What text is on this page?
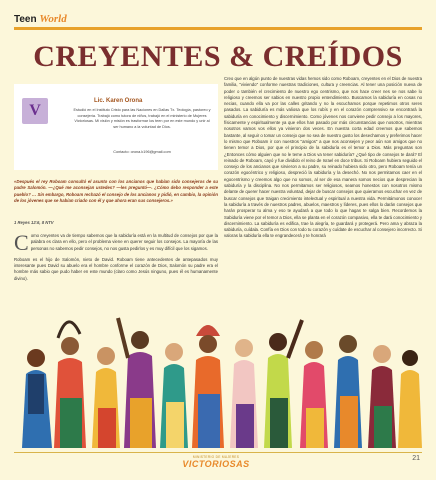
Teen World
CREYENTES & CREÍDOS
V
Lic. Karen Orona
Estudió en el Instituto Cristo para las Naciones en Dallas Tx. Teología, pastoreo y consejería. Trabajó como tutora de niños, trabajó en el ministerio de Mujeres Victoriosas. Mi visión y misión es trasformar los teen por en este mundo y unir al ser humano a la voluntad de Dios.
Contacto: orona.k196@gmail.com
«Después el rey Roboam consultó el asunto con los ancianos que habían sido consejeros de su padre Salomón. —¿Qué me aconsejan ustedes? —les preguntó—. ¿Cómo debo responder a este pueblo? … Sin embargo, Roboam rechazó el consejo de los ancianos y pidió, en cambio, la opinión de los jóvenes que se habían criado con él y que ahora eran sus consejeros.»
1 Reyes 12:6, 8 NTV

Como creyentes va de tiempo sabemos que la sabiduría está en la multitud de consejos por que la palabra es clara en ello, pero el problema viene en querer seguir los consejos. La mayoría de las personas no sabemos pedir consejos, no nos gusta pedirlos y es muy difícil que los sigamos.

Roboam es el hijo de Salomón, nieto de David. Roboam tiene antecedentes de antepasados muy interesante pues David su abuelo era el hombre conforme el corazón de Dios, Salomón su padre era el hombre más sabio que pudo haber en este mundo (claro como Jesús ninguno, pues él es humanamente divino).

Creo que en algún punto de nuestras vidas hemos sido como Roboam, creyentes en el Dios de nuestra familia, "viviendo" conforme nuestras tradiciones, cultura y creencias. Al tener una posición nueva de poder o también el crecimiento de nuestro ego centrismo, que nos hace creer nes se nos sabe lo religioso y creemos ser sabios en nuestro propio entendimiento. Buscamos la sabiduría en cosas no necias, cuando ella va por las calles gritando y no la escuchamos porque repetimos otros seres pasados. La sabiduría es más valiosa que los rubís y en el corazón comprensivo se encontrará la sabiduría en conocimiento y discernimiento. Como jóvenes nos conviene pedir consejo a los mayores, físicamente y espiritualmente ya que ellos han pasado por más circunstancias que nosotros, mientras nosotros vamos vos ellos ya vinieron dos veces. En nuestra corta edad creemos que sabemos bastante, al seguir o tomar un consejo que no sea de nuestro gusto los desechamos y preferimos hacer lo mismo que Roboam ir con nuestros "amigos" a que nos aconsejen y peor aún son amigos que no tienen temor a Dios, por que el principio de la sabiduría es el temor a Dios. Más preguntas son ¿Entonces cómo alguien que no le teme a Dios va tener sabiduría? ¿Qué tipo de consejos te dará? El reinado de Roboam, cayó y fue dividido el reino de Israel en doce tribus. Si Roboam hubiera seguido el consejo de los ancianos que sirvieron a su padre, su reinado hubiera sido otro, pero Roboam tenía un corazón egocéntrico y religioso, despreció la sabiduría y la desechó. No nos permitamos caer en el egocentrismo y creemos algo que no somos, al ser de esa manera somos necios que desprecian la sabiduría y la disciplina. No nos permitamos ser religiosos, seamos honestos con nosotros mismo delante de querer hacer nuestra voluntad, dejar de buscar consejos que quieramos escuchar en vez de buscar consejos que traigan crecimiento intelectual y espiritual a nuestra vida. Permitámonos conocer la sabiduría a través de nuestros padres, abuelos, maestros y líderes, pues ellos lo darán consejos que harán prosperar tu alma y eso te ayudará a que todo lo que hagas te salga bien. Recordemos la Sabiduría viene por el temor a Dios, ella se planta en el corazón compasivo, ella te dará conocimiento y discernimiento. La sabiduría es edifica, trae la alegría, te guardará y protegerá. Pero ama y abraza la sabiduría, cuídala. Confía en Dios con todo tu corazón y cuídate de escuchar al consejero incorrecto. Si valoras la sabiduría ella te engrandecerá y te honrará
MINISTERIO DE MUJERES
VICTORIOSAS
21
